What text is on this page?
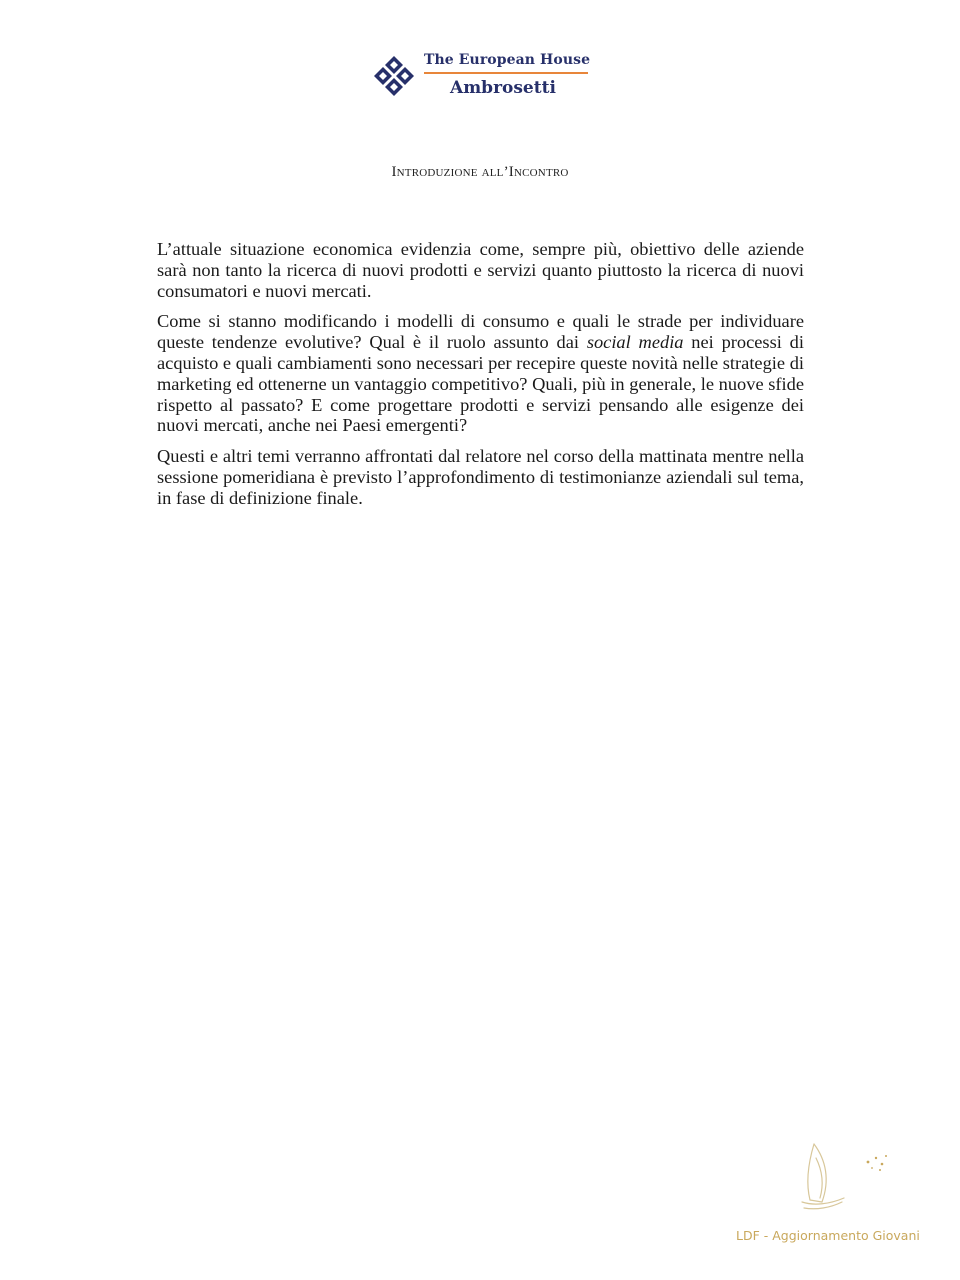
The European House
Ambrosetti
Introduzione all’Incontro

L’attuale situazione economica evidenzia come, sempre più, obiettivo delle aziende sarà non tanto la ricerca di nuovi prodotti e servizi quanto piuttosto la ricerca di nuovi consumatori e nuovi mercati.

Come si stanno modificando i modelli di consumo e quali le strade per individuare queste tendenze evolutive? Qual è il ruolo assunto dai social media nei processi di acquisto e quali cambiamenti sono necessari per recepire queste novità nelle strategie di marketing ed ottenerne un vantaggio competitivo? Quali, più in generale, le nuove sfide rispetto al passato? E come progettare prodotti e servizi pensando alle esigenze dei nuovi mercati, anche nei Paesi emergenti?

Questi e altri temi verranno affrontati dal relatore nel corso della mattinata mentre nella sessione pomeridiana è previsto l’approfondimento di testimonianze aziendali sul tema, in fase di definizione finale.

LDF - Aggiornamento Giovani
